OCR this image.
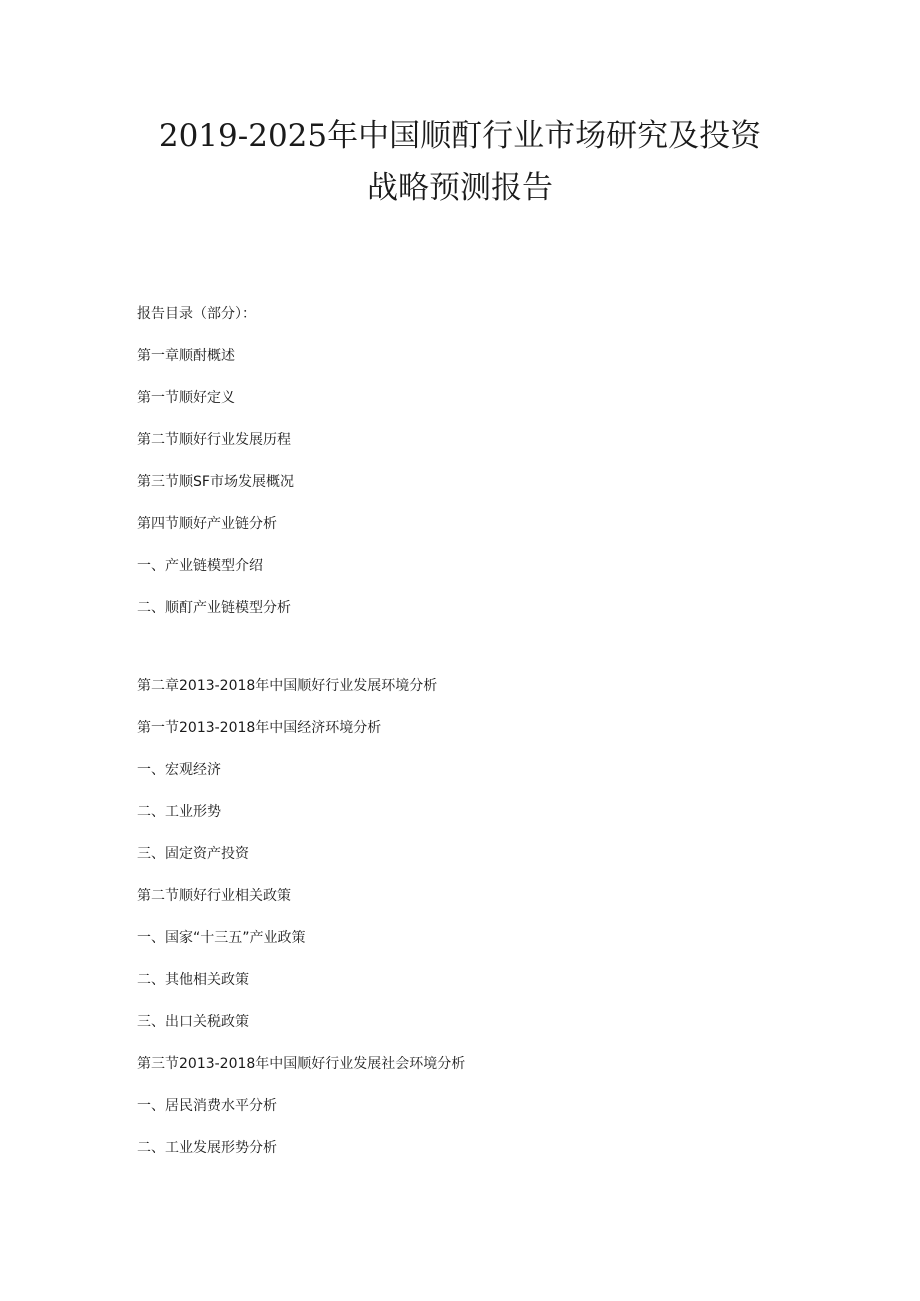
2019-2025年中国顺酊行业市场研究及投资
战略预测报告
报告目录（部分）：
第一章顺酎概述
第一节顺好定义
第二节顺好行业发展历程
第三节顺SF市场发展概况
第四节顺好产业链分析
一、产业链模型介绍
二、顺酊产业链模型分析
第二章2013-2018年中国顺好行业发展环境分析
第一节2013-2018年中国经济环境分析
一、宏观经济
二、工业形势
三、固定资产投资
第二节顺好行业相关政策
一、国家“十三五”产业政策
二、其他相关政策
三、出口关税政策
第三节2013-2018年中国顺好行业发展社会环境分析
一、居民消费水平分析
二、工业发展形势分析
